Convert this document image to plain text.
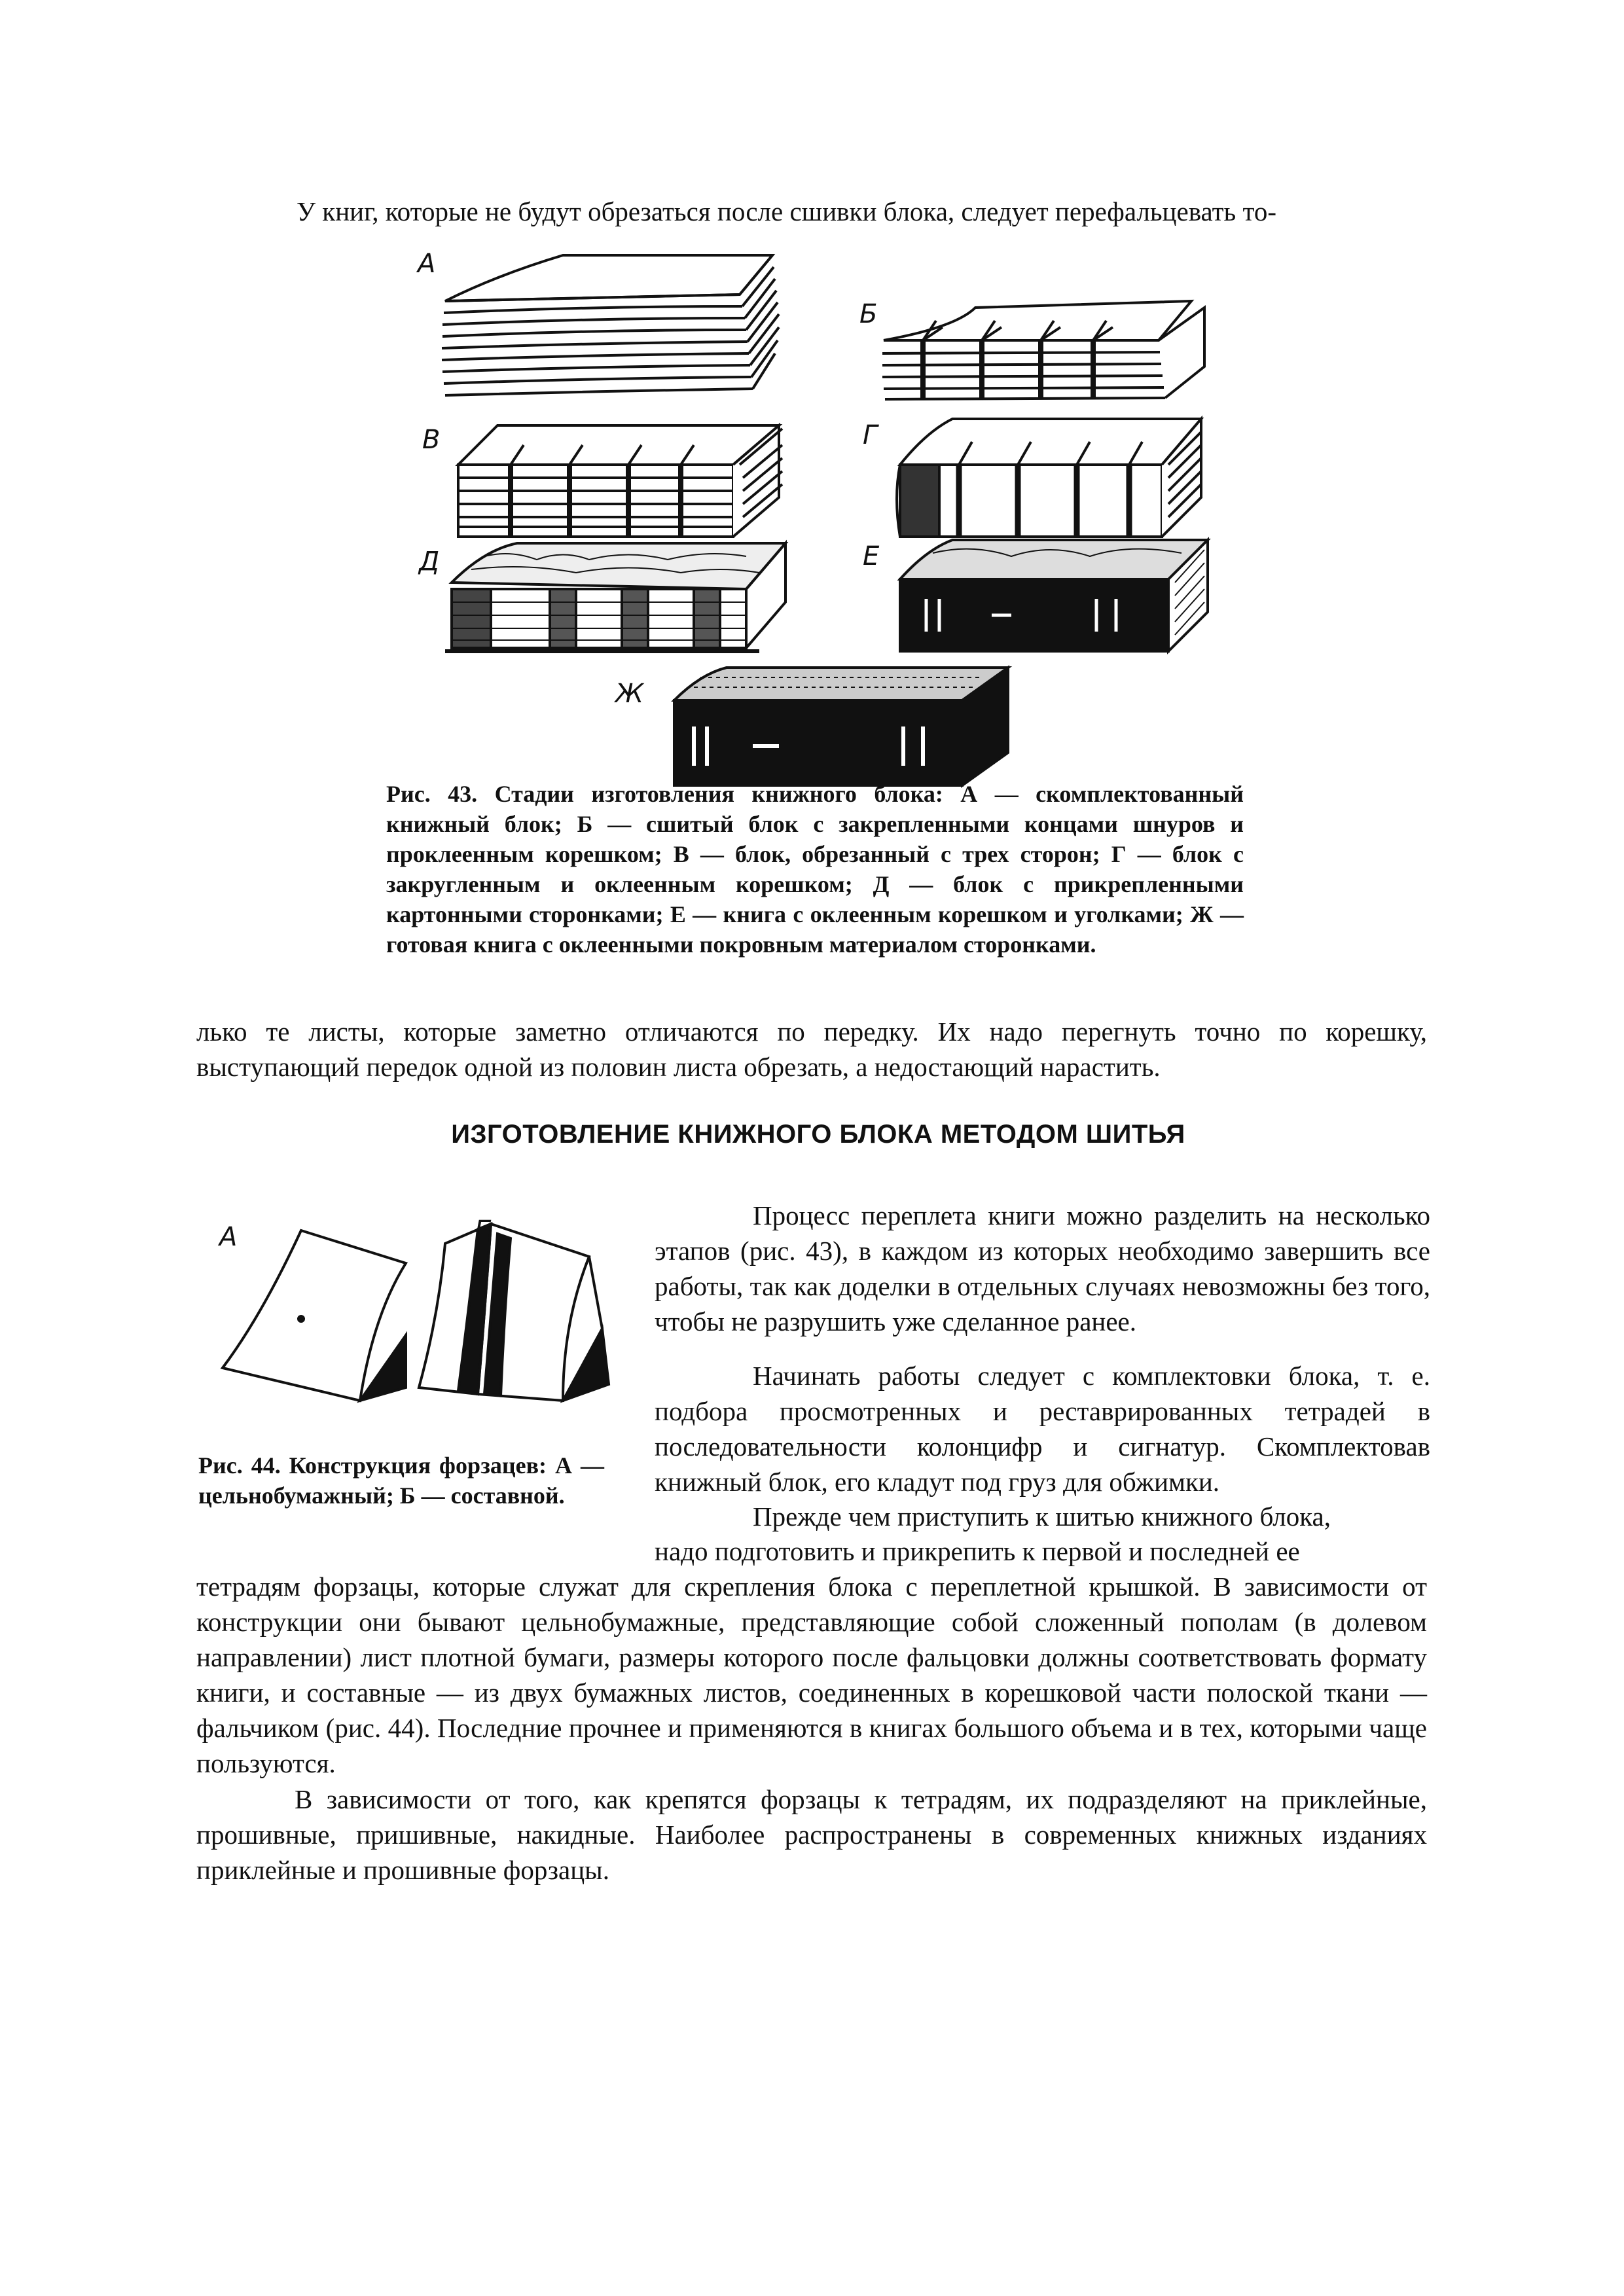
У книг, которые не будут обрезаться после сшивки блока, следует перефальцевать то-
А
Б
В	Г
Д	Е
Ж
Рис. 43. Стадии изготовления книжного блока: А — скомплектованный книжный блок; Б — сшитый блок с закрепленными концами шнуров и проклеенным корешком; В — блок, обрезанный с трех сторон; Г — блок с закругленным и оклеенным корешком; Д — блок с прикрепленными картонными сторонками; Е — книга с оклеенным корешком и уголками; Ж — готовая книга с оклеенными покровным материалом сторонками.
лько те листы, которые заметно отличаются по передку. Их надо перегнуть точно по корешку, выступающий передок одной из половин листа обрезать, а недостающий нарастить.
ИЗГОТОВЛЕНИЕ КНИЖНОГО БЛОКА МЕТОДОМ ШИТЬЯ
А
Рис. 44. Конструкция форзацев: А — цельнобумажный; Б — составной.
Процесс переплета книги можно разделить на несколько этапов (рис. 43), в каждом из которых необходимо завершить все работы, так как доделки в отдельных случаях невозможны без того, чтобы не разрушить уже сделанное ранее.
Начинать работы следует с комплектовки блока, т. е. подбора просмотренных и реставрированных тетрадей в последовательности колонцифр и сигнатур. Скомплектовав книжный блок, его кладут под груз для обжимки.
Прежде чем приступить к шитью книжного блока,
надо подготовить и прикрепить к первой и последней ее
тетрадям форзацы, которые служат для скрепления блока с переплетной крышкой. В зависимости от конструкции они бывают цельнобумажные, представляющие собой сложенный пополам (в долевом направлении) лист плотной бумаги, размеры которого после фальцовки должны соответствовать формату книги, и составные — из двух бумажных листов, соединенных в корешковой части полоской ткани — фальчиком (рис. 44). Последние прочнее и применяются в книгах большого объема и в тех, которыми чаще пользуются.
В зависимости от того, как крепятся форзацы к тетрадям, их подразделяют на приклейные, прошивные, пришивные, накидные. Наиболее распространены в современных книжных изданиях приклейные и прошивные форзацы.
